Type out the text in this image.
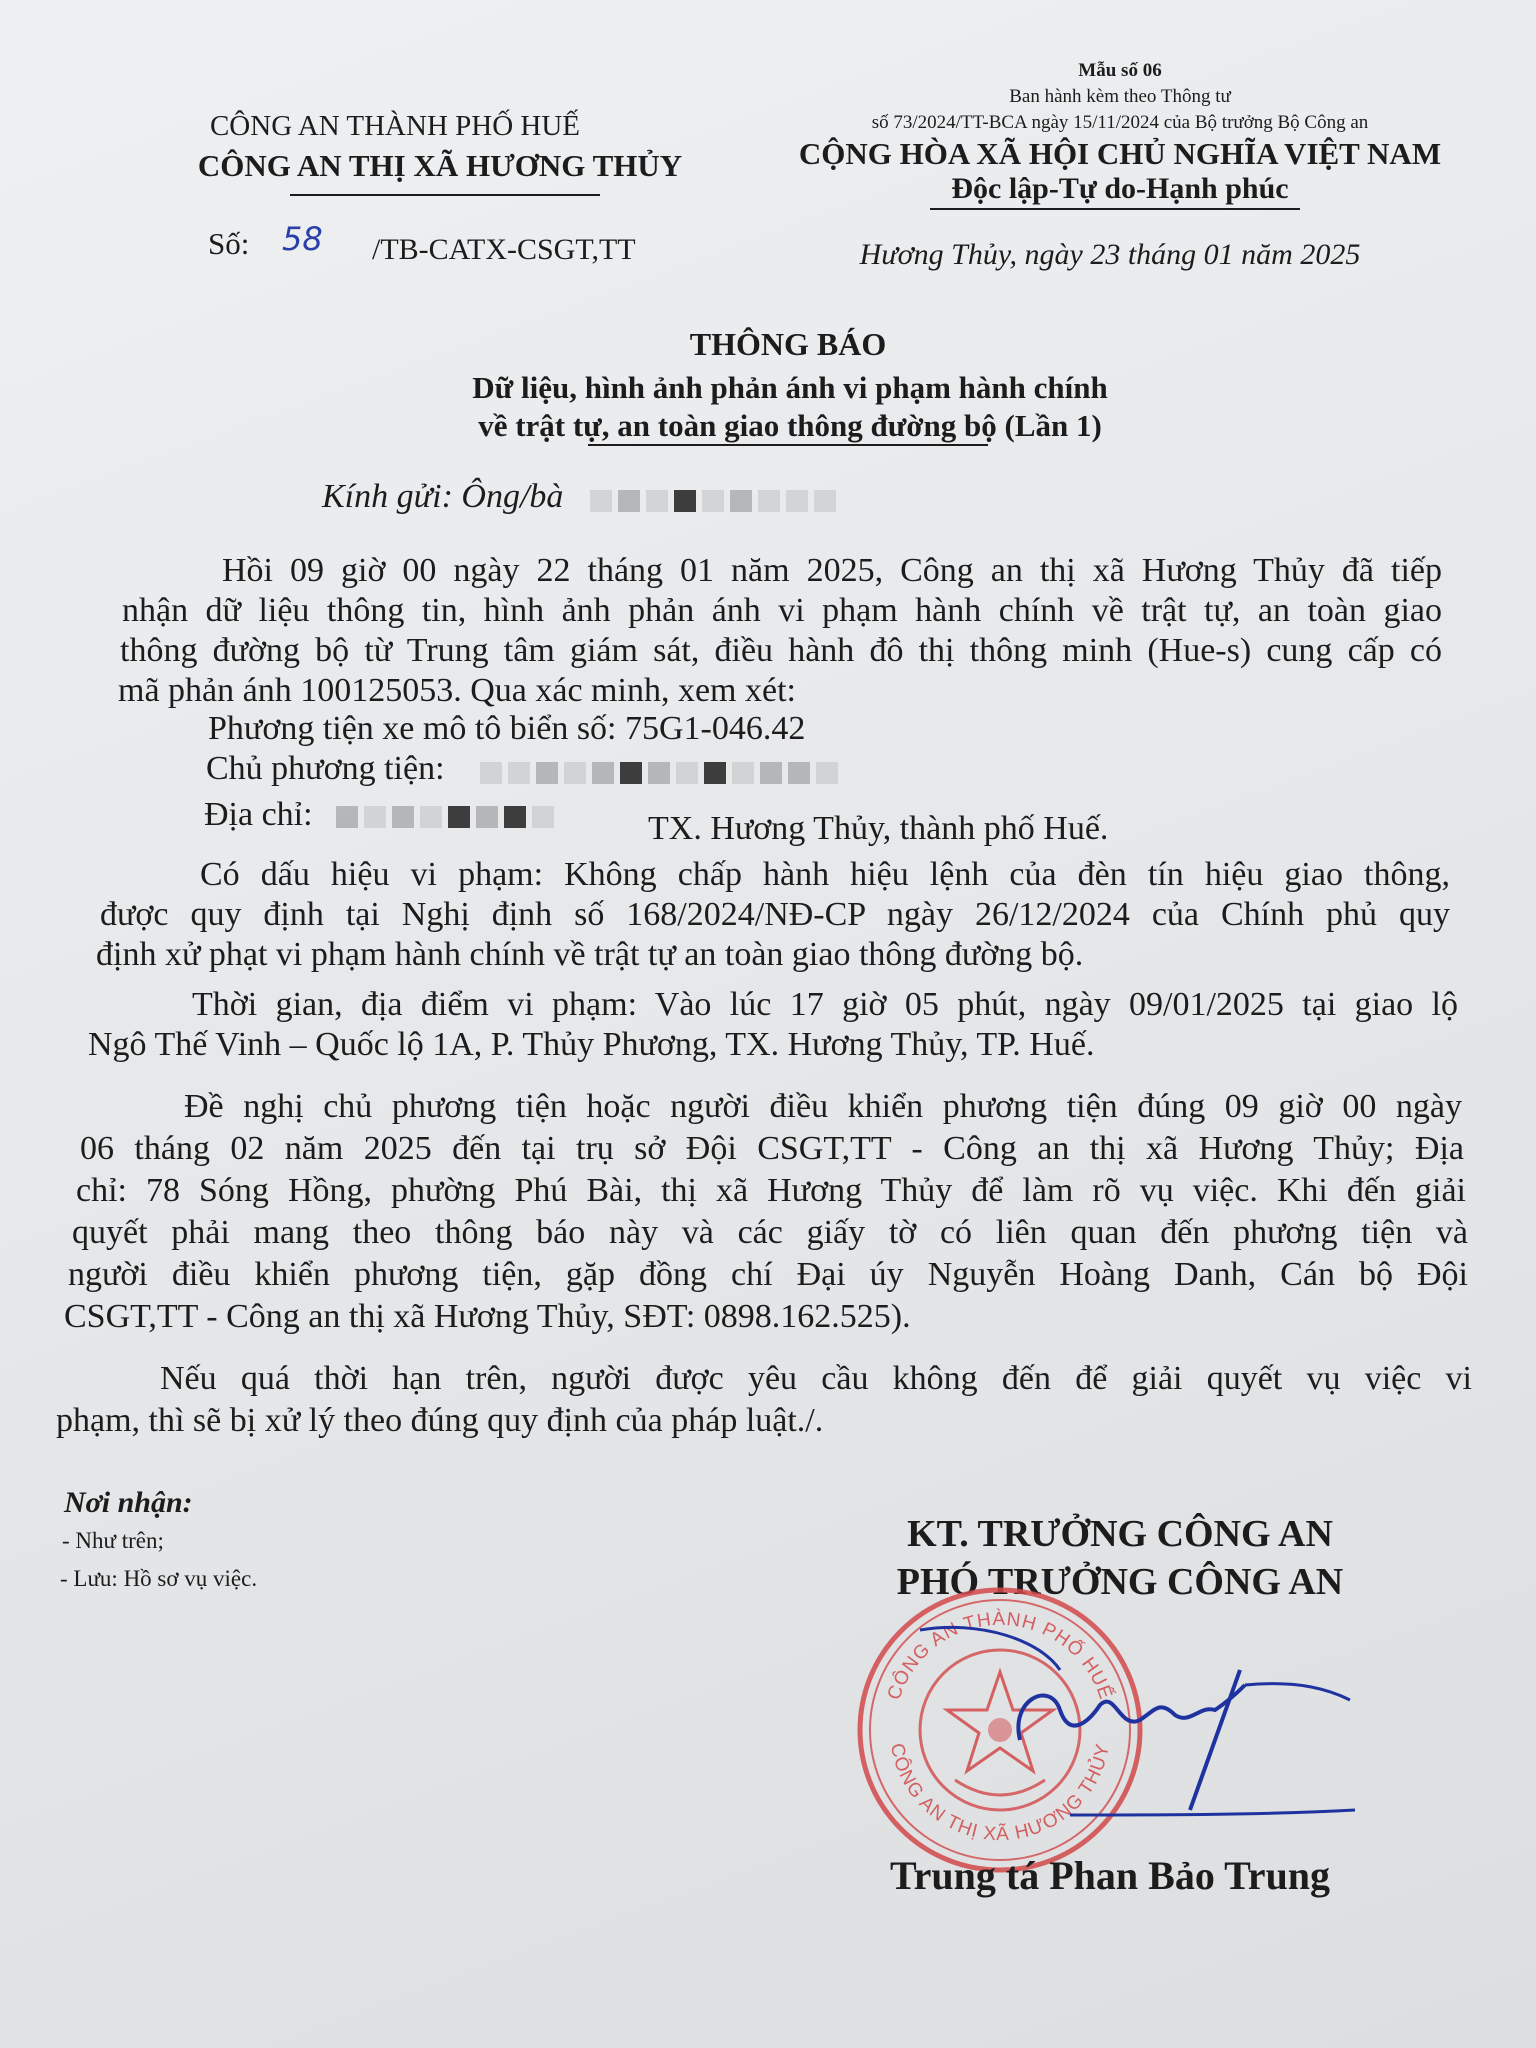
Mẫu số 06
Ban hành kèm theo Thông tư
số 73/2024/TT-BCA ngày 15/11/2024 của Bộ trưởng Bộ Công an
CỘNG HÒA XÃ HỘI CHỦ NGHĨA VIỆT NAM
Độc lập-Tự do-Hạnh phúc
Hương Thủy, ngày 23 tháng 01 năm 2025
CÔNG AN THÀNH PHỐ HUẾ
CÔNG AN THỊ XÃ HƯƠNG THỦY
Số: 58 /TB-CATX-CSGT,TT
THÔNG BÁO
Dữ liệu, hình ảnh phản ánh vi phạm hành chính
về trật tự, an toàn giao thông đường bộ (Lần 1)
Kính gửi: Ông/bà
Hồi 09 giờ 00 ngày 22 tháng 01 năm 2025, Công an thị xã Hương Thủy đã tiếp
nhận dữ liệu thông tin, hình ảnh phản ánh vi phạm hành chính về trật tự, an toàn giao
thông đường bộ từ Trung tâm giám sát, điều hành đô thị thông minh (Hue-s) cung cấp có
mã phản ánh 100125053. Qua xác minh, xem xét:
Phương tiện xe mô tô biển số: 75G1-046.42
Chủ phương tiện:
Địa chỉ:	TX. Hương Thủy, thành phố Huế.
Có dấu hiệu vi phạm: Không chấp hành hiệu lệnh của đèn tín hiệu giao thông,
được quy định tại Nghị định số 168/2024/NĐ-CP ngày 26/12/2024 của Chính phủ quy
định xử phạt vi phạm hành chính về trật tự an toàn giao thông đường bộ.
Thời gian, địa điểm vi phạm: Vào lúc 17 giờ 05 phút, ngày 09/01/2025 tại giao lộ
Ngô Thế Vinh – Quốc lộ 1A, P. Thủy Phương, TX. Hương Thủy, TP. Huế.
Đề nghị chủ phương tiện hoặc người điều khiển phương tiện đúng 09 giờ 00 ngày
06 tháng 02 năm 2025 đến tại trụ sở Đội CSGT,TT - Công an thị xã Hương Thủy; Địa
chỉ: 78 Sóng Hồng, phường Phú Bài, thị xã Hương Thủy để làm rõ vụ việc. Khi đến giải
quyết phải mang theo thông báo này và các giấy tờ có liên quan đến phương tiện và
người điều khiển phương tiện, gặp đồng chí Đại úy Nguyễn Hoàng Danh, Cán bộ Đội
CSGT,TT - Công an thị xã Hương Thủy, SĐT: 0898.162.525).
Nếu quá thời hạn trên, người được yêu cầu không đến để giải quyết vụ việc vi
phạm, thì sẽ bị xử lý theo đúng quy định của pháp luật./.
Nơi nhận:
- Như trên;
- Lưu: Hồ sơ vụ việc.
KT. TRƯỞNG CÔNG AN
PHÓ TRƯỞNG CÔNG AN
CÔNG AN THÀNH PHỐ HUẾ
CÔNG AN THỊ XÃ HƯƠNG THỦY
Trung tá Phan Bảo Trung
